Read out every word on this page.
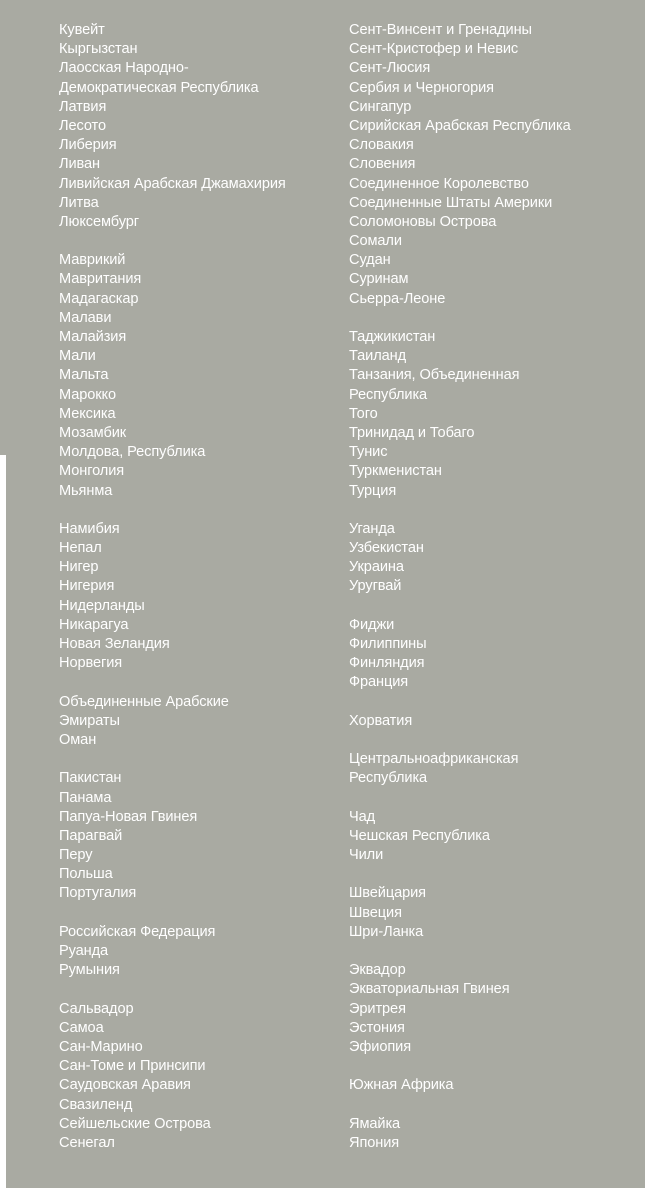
Кувейт
Кыргызстан
Лаосская Народно-
Демократическая Республика
Латвия
Лесото
Либерия
Ливан
Ливийская Арабская Джамахирия
Литва
Люксембург
Маврикий
Мавритания
Мадагаскар
Малави
Малайзия
Мали
Мальта
Марокко
Мексика
Мозамбик
Молдова, Республика
Монголия
Мьянма
Намибия
Непал
Нигер
Нигерия
Нидерланды
Никарагуа
Новая Зеландия
Норвегия
Объединенные Арабские
Эмираты
Оман
Пакистан
Панама
Папуа-Новая Гвинея
Парагвай
Перу
Польша
Португалия
Российская Федерация
Руанда
Румыния
Сальвадор
Самоа
Сан-Марино
Сан-Томе и Принсипи
Саудовская Аравия
Свазиленд
Сейшельские Острова
Сенегал
Сент-Винсент и Гренадины
Сент-Кристофер и Невис
Сент-Люсия
Сербия и Черногория
Сингапур
Сирийская Арабская Республика
Словакия
Словения
Соединенное Королевство
Соединенные Штаты Америки
Соломоновы Острова
Сомали
Судан
Суринам
Сьерра-Леоне
Таджикистан
Таиланд
Танзания, Объединенная
Республика
Того
Тринидад и Тобаго
Тунис
Туркменистан
Турция
Уганда
Узбекистан
Украина
Уругвай
Фиджи
Филиппины
Финляндия
Франция
Хорватия
Центральноафриканская
Республика
Чад
Чешская Республика
Чили
Швейцария
Швеция
Шри-Ланка
Эквадор
Экваториальная Гвинея
Эритрея
Эстония
Эфиопия
Южная Африка
Ямайка
Япония
